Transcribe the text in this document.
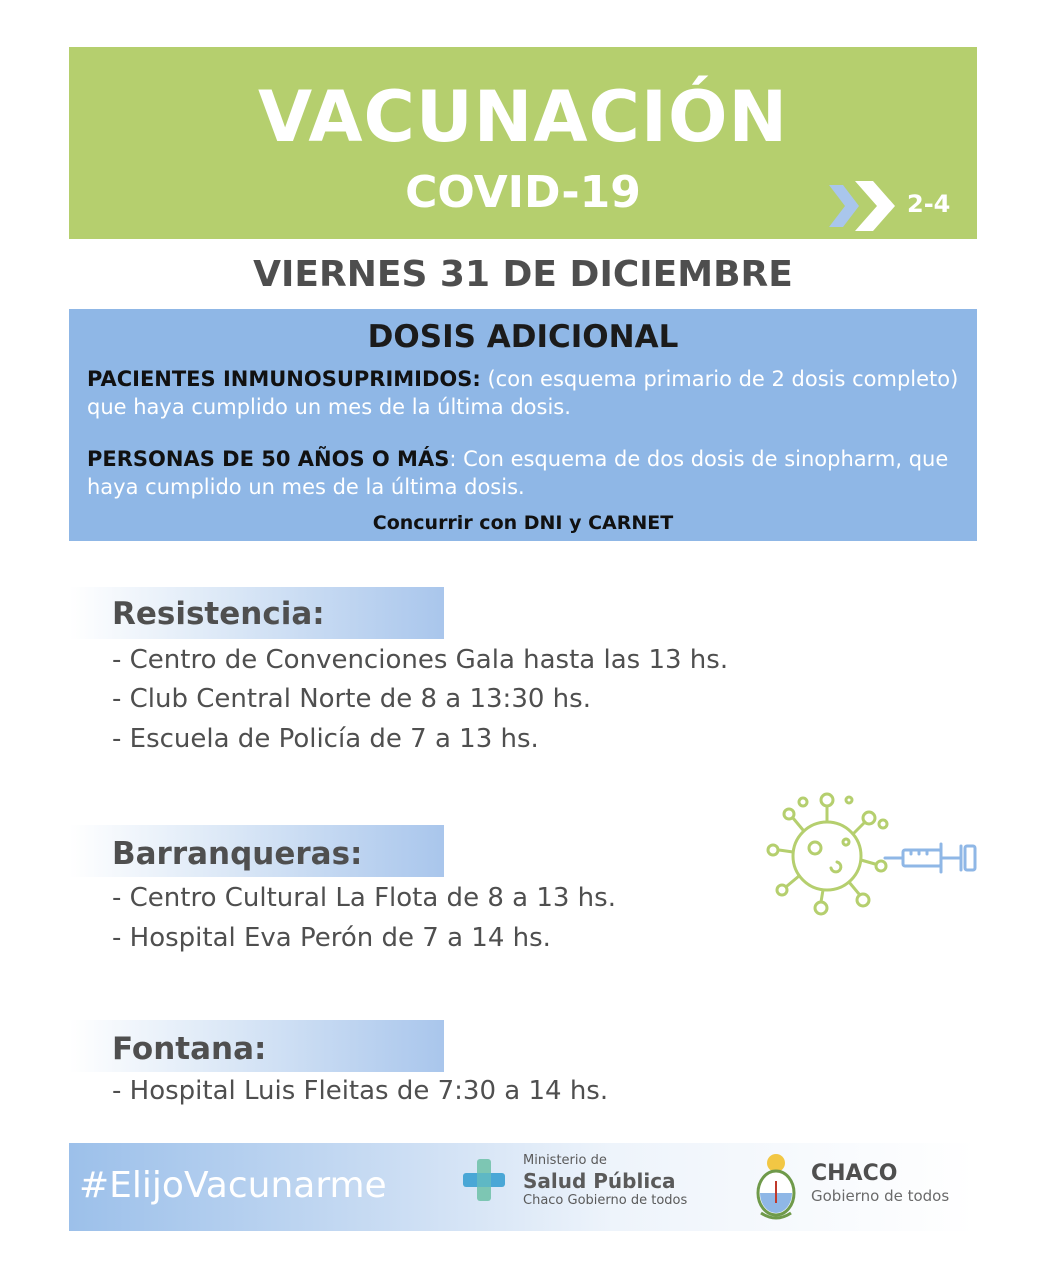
VACUNACIÓN
COVID-19	2-4
VIERNES 31 DE DICIEMBRE
DOSIS ADICIONAL
PACIENTES INMUNOSUPRIMIDOS: (con esquema primario de 2 dosis completo) que haya cumplido un mes de la última dosis.
PERSONAS DE 50 AÑOS O MÁS: Con esquema de dos dosis de sinopharm, que haya cumplido un mes de la última dosis.
Concurrir con DNI y CARNET
Resistencia:
- Centro de Convenciones Gala hasta las 13 hs.
- Club Central Norte de 8 a 13:30 hs.
- Escuela de Policía de 7 a 13 hs.
Barranqueras:
- Centro Cultural La Flota de 8 a 13 hs.
- Hospital Eva Perón de 7 a 14 hs.
Fontana:
- Hospital Luis Fleitas de 7:30 a 14 hs.
#ElijoVacunarme
Ministerio de
Salud Pública
Chaco Gobierno de todos
CHACO
Gobierno de todos
